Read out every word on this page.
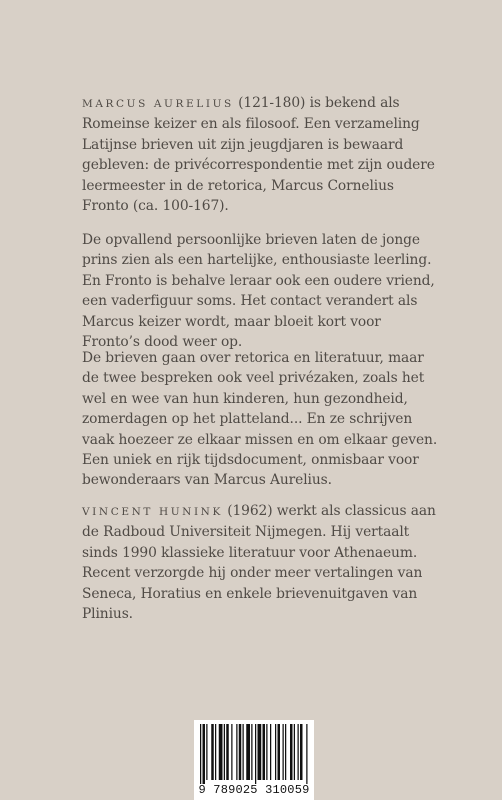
MARCUS AURELIUS (121-180) is bekend als Romeinse keizer en als filosoof. Een verzameling Latijnse brieven uit zijn jeugdjaren is bewaard gebleven: de privécorrespondentie met zijn oudere leermeester in de retorica, Marcus Cornelius Fronto (ca. 100-167).

De opvallend persoonlijke brieven laten de jonge prins zien als een hartelijke, enthousiaste leerling. En Fronto is behalve leraar ook een oudere vriend, een vaderfiguur soms. Het contact verandert als Marcus keizer wordt, maar bloeit kort voor Fronto’s dood weer op.

De brieven gaan over retorica en literatuur, maar de twee bespreken ook veel privézaken, zoals het wel en wee van hun kinderen, hun gezondheid, zomerdagen op het platteland... En ze schrijven vaak hoezeer ze elkaar missen en om elkaar geven. Een uniek en rijk tijdsdocument, onmisbaar voor bewonderaars van Marcus Aurelius.

VINCENT HUNINK (1962) werkt als classicus aan de Radboud Universiteit Nijmegen. Hij vertaalt sinds 1990 klassieke literatuur voor Athenaeum. Recent verzorgde hij onder meer vertalingen van Seneca, Horatius en enkele brievenuitgaven van Plinius.

9 789025 310059
